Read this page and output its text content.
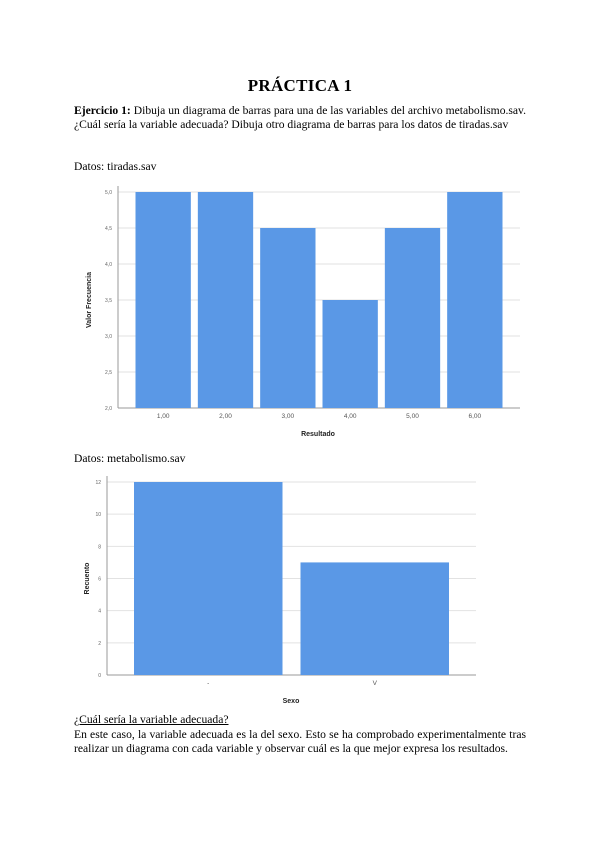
PRÁCTICA 1
Ejercicio 1: Dibuja un diagrama de barras para una de las variables del archivo metabolismo.sav. ¿Cuál sería la variable adecuada? Dibuja otro diagrama de barras para los datos de tiradas.sav
Datos: tiradas.sav
5,0
4,5
4,0
3,5
3,0
2,5
2,0
1,00	2,00	3,00	4,00	5,00	6,00
Resultado
Valor Frecuencia
Datos: metabolismo.sav
12
10
8
6
4
2
0
-	V
Sexo
Recuento
¿Cuál sería la variable adecuada?
En este caso, la variable adecuada es la del sexo. Esto se ha comprobado experimentalmente tras realizar un diagrama con cada variable y observar cuál es la que mejor expresa los resultados.
